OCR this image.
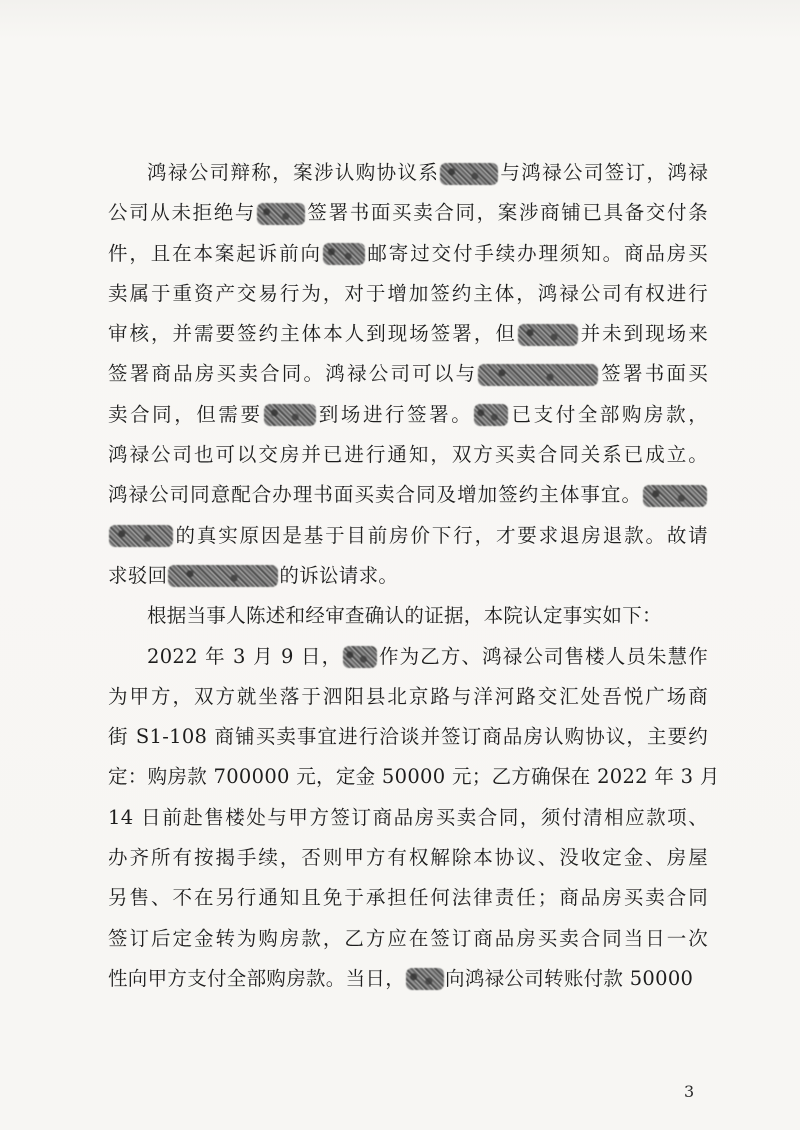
鸿禄公司辩称，案涉认购协议系	与鸿禄公司签订，鸿禄
公司从未拒绝与	签署书面买卖合同，案涉商铺已具备交付条
件，且在本案起诉前向 邮寄过交付手续办理须知。商品房买
卖属于重资产交易行为，对于增加签约主体，鸿禄公司有权进行
审核，并需要签约主体本人到现场签署，但	并未到现场来
签署商品房买卖合同。鸿禄公司可以与	签署书面买
卖合同，但需要	到场进行签署。 已支付全部购房款，
鸿禄公司也可以交房并已进行通知，双方买卖合同关系已成立。
鸿禄公司同意配合办理书面买卖合同及增加签约主体事宜。
的真实原因是基于目前房价下行，才要求退房退款。故请
求驳回	的诉讼请求。
根据当事人陈述和经审查确认的证据，本院认定事实如下：
2022 年 3 月 9 日， 作为乙方、鸿禄公司售楼人员朱慧作
为甲方，双方就坐落于泗阳县北京路与洋河路交汇处吾悦广场商
街 S1-108 商铺买卖事宜进行洽谈并签订商品房认购协议，主要约
定：购房款 700000 元，定金 50000 元；乙方确保在 2022 年 3 月
14 日前赴售楼处与甲方签订商品房买卖合同，须付清相应款项、
办齐所有按揭手续，否则甲方有权解除本协议、没收定金、房屋
另售、不在另行通知且免于承担任何法律责任；商品房买卖合同
签订后定金转为购房款，乙方应在签订商品房买卖合同当日一次
性向甲方支付全部购房款。当日， 向鸿禄公司转账付款 50000
3
